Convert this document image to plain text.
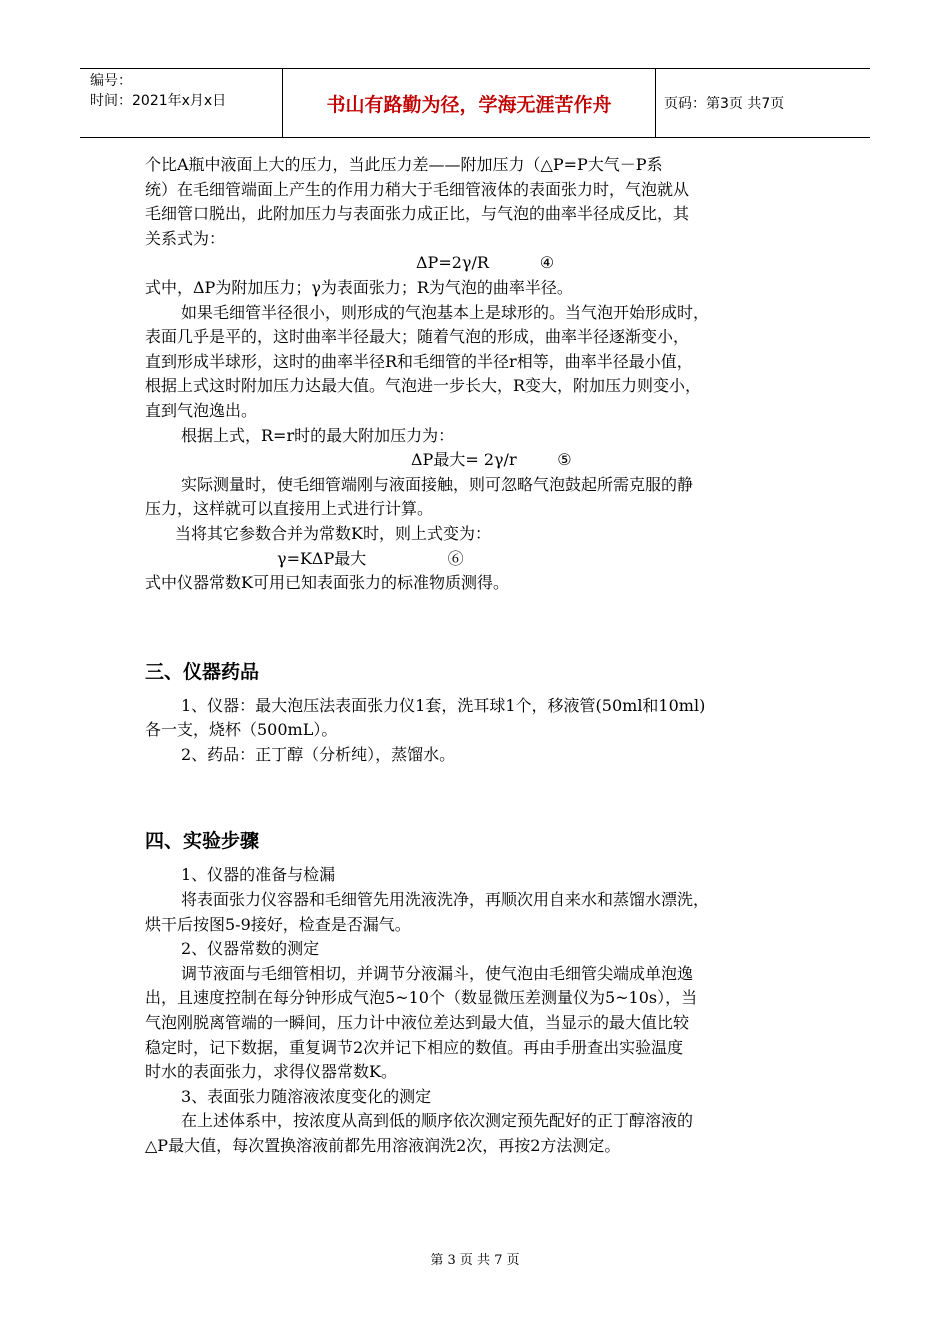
编号：
时间：2021年x月x日	书山有路勤为径，学海无涯苦作舟	页码：第3页 共7页

个比A瓶中液面上大的压力，当此压力差——附加压力（△P=P大气－P系

统）在毛细管端面上产生的作用力稍大于毛细管液体的表面张力时，气泡就从

毛细管口脱出，此附加压力与表面张力成正比，与气泡的曲率半径成反比，其

关系式为：

ΔP=2γ/R          ④

式中，ΔP为附加压力；γ为表面张力；R为气泡的曲率半径。

如果毛细管半径很小，则形成的气泡基本上是球形的。当气泡开始形成时，

表面几乎是平的，这时曲率半径最大；随着气泡的形成，曲率半径逐渐变小，

直到形成半球形，这时的曲率半径R和毛细管的半径r相等，曲率半径最小值，

根据上式这时附加压力达最大值。气泡进一步长大，R变大，附加压力则变小，

直到气泡逸出。

根据上式，R=r时的最大附加压力为：

ΔP最大= 2γ/r        ⑤

实际测量时，使毛细管端刚与液面接触，则可忽略气泡鼓起所需克服的静

压力，这样就可以直接用上式进行计算。

当将其它参数合并为常数K时，则上式变为：

γ=KΔP最大                ⑥

式中仪器常数K可用已知表面张力的标准物质测得。

三、仪器药品

1、仪器：最大泡压法表面张力仪1套，洗耳球1个，移液管(50ml和10ml)

各一支，烧杯（500mL）。

2、药品：正丁醇（分析纯），蒸馏水。

四、实验步骤

1、仪器的准备与检漏

将表面张力仪容器和毛细管先用洗液洗净，再顺次用自来水和蒸馏水漂洗，

烘干后按图5-9接好，检查是否漏气。

2、仪器常数的测定

调节液面与毛细管相切，并调节分液漏斗，使气泡由毛细管尖端成单泡逸

出，且速度控制在每分钟形成气泡5~10个（数显微压差测量仪为5~10s），当

气泡刚脱离管端的一瞬间，压力计中液位差达到最大值，当显示的最大值比较

稳定时，记下数据，重复调节2次并记下相应的数值。再由手册查出实验温度

时水的表面张力，求得仪器常数K。

3、表面张力随溶液浓度变化的测定

在上述体系中，按浓度从高到低的顺序依次测定预先配好的正丁醇溶液的

△P最大值，每次置换溶液前都先用溶液润洗2次，再按2方法测定。

第 3 页 共 7 页
